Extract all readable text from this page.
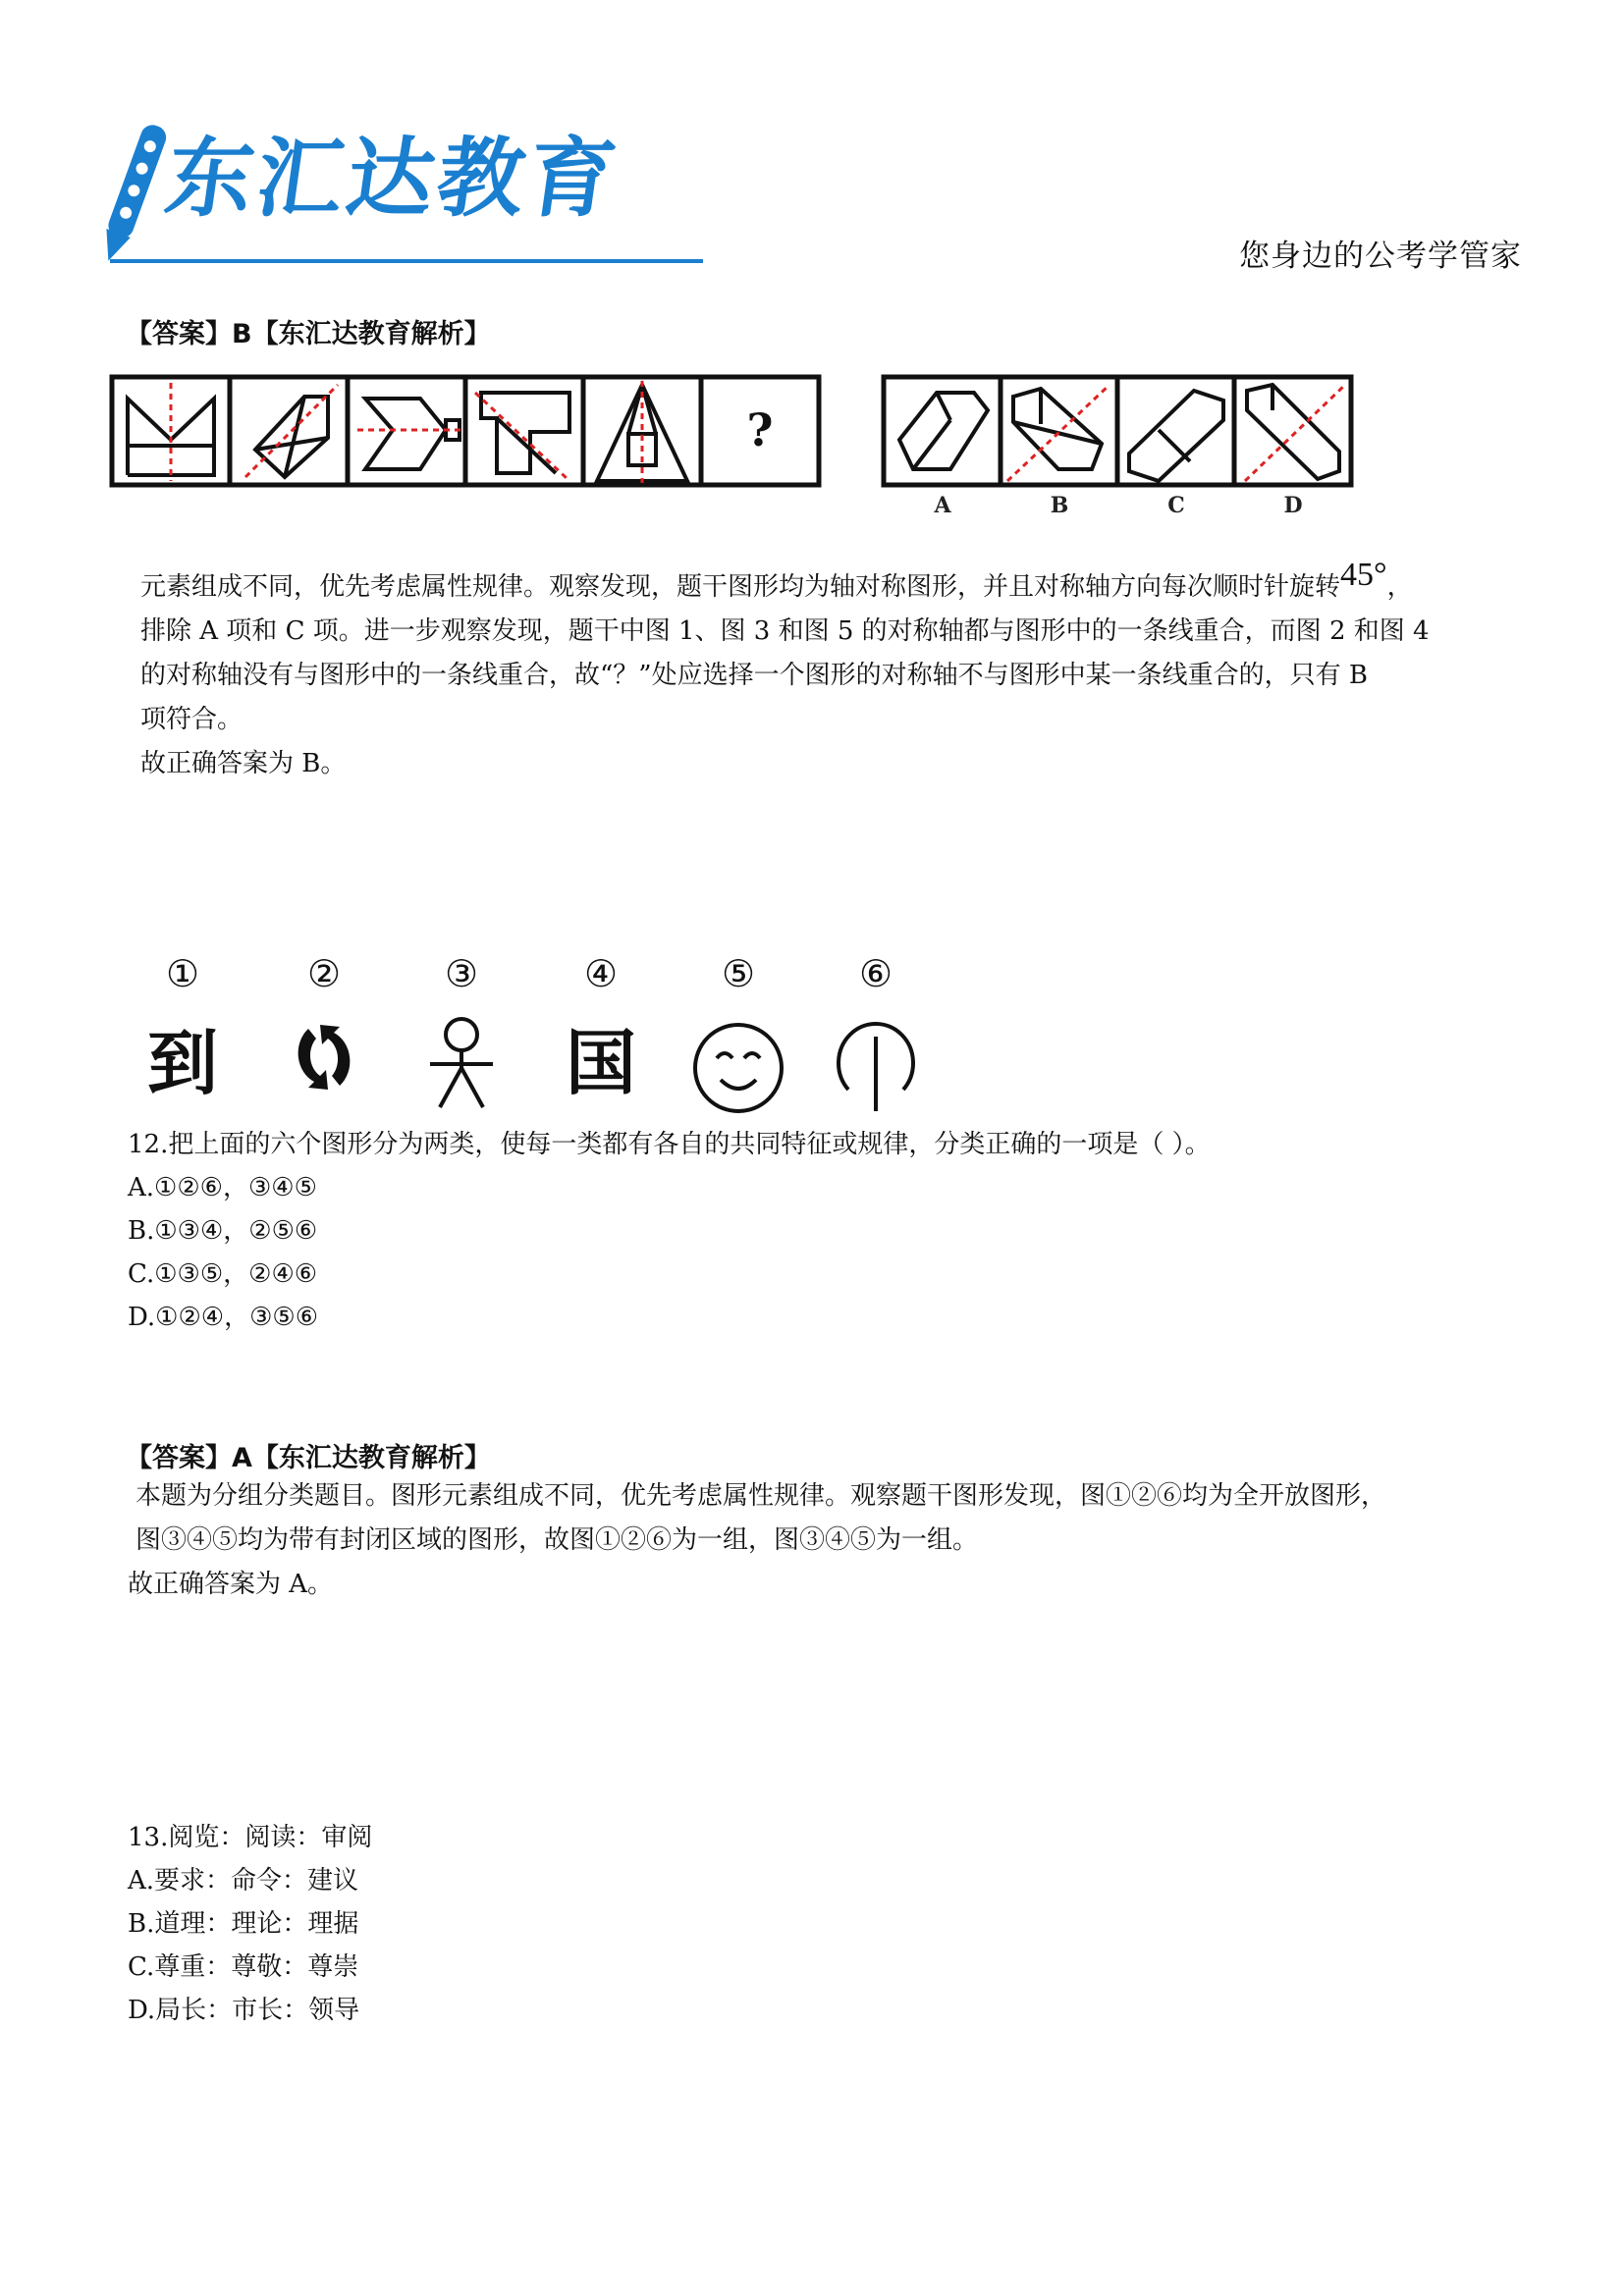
东汇达教育
您身边的公考学管家
【答案】B【东汇达教育解析】
?
A	B	C	D

元素组成不同，优先考虑属性规律。观察发现，题干图形均为轴对称图形，并且对称轴方向每次顺时针旋转45°，

排除 A 项和 C 项。进一步观察发现，题干中图 1、图 3 和图 5 的对称轴都与图形中的一条线重合，而图 2 和图 4

的对称轴没有与图形中的一条线重合，故“？”处应选择一个图形的对称轴不与图形中某一条线重合的，只有 B

项符合。

故正确答案为 B。

①	②	③	④	⑤	⑥
到	国
12.把上面的六个图形分为两类，使每一类都有各自的共同特征或规律，分类正确的一项是（ ）。
A.①②⑥，③④⑤
B.①③④，②⑤⑥
C.①③⑤，②④⑥
D.①②④，③⑤⑥
【答案】A【东汇达教育解析】

本题为分组分类题目。图形元素组成不同，优先考虑属性规律。观察题干图形发现，图①②⑥均为全开放图形，

图③④⑤均为带有封闭区域的图形，故图①②⑥为一组，图③④⑤为一组。

故正确答案为 A。

13.阅览：阅读：审阅
A.要求：命令：建议
B.道理：理论：理据
C.尊重：尊敬：尊崇
D.局长：市长：领导
